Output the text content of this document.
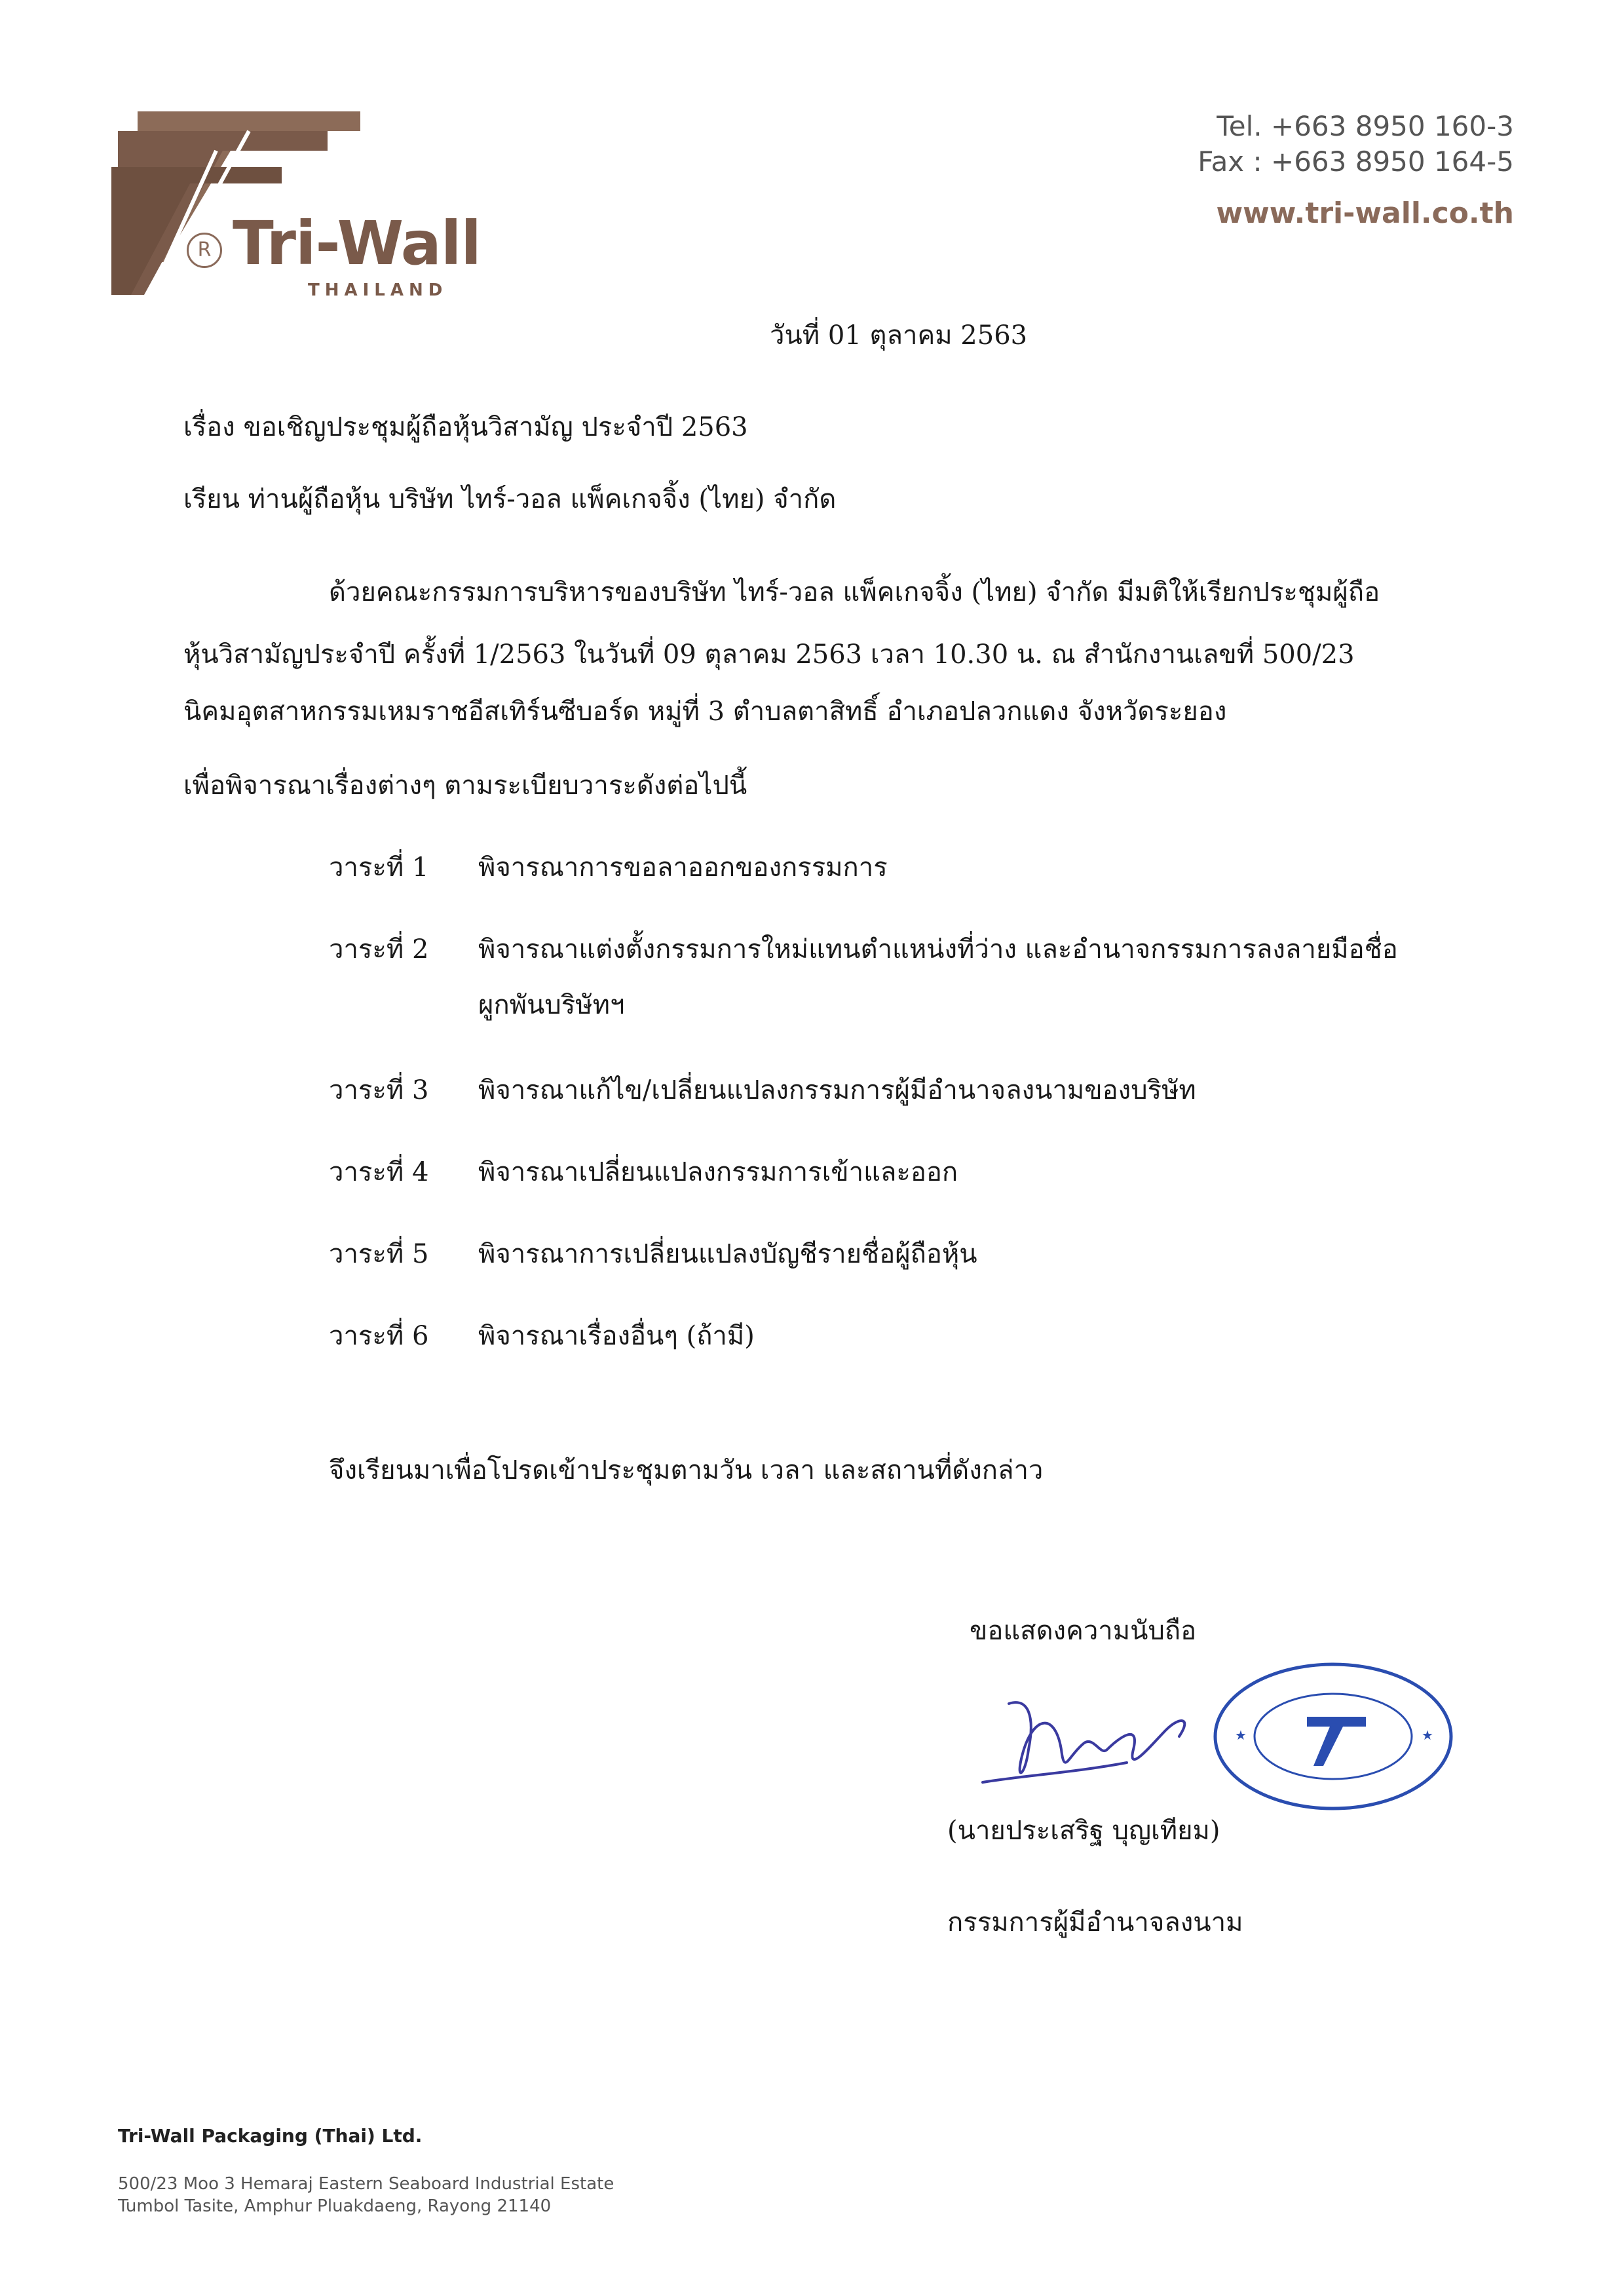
R Tri-Wall
THAILAND
Tel. +663 8950 160-3
Fax : +663 8950 164-5
www.tri-wall.co.th
วันที่ 01 ตุลาคม 2563
เรื่อง ขอเชิญประชุมผู้ถือหุ้นวิสามัญ ประจำปี 2563
เรียน ท่านผู้ถือหุ้น บริษัท ไทร์-วอล แพ็คเกจจิ้ง (ไทย) จำกัด
ด้วยคณะกรรมการบริหารของบริษัท ไทร์-วอล แพ็คเกจจิ้ง (ไทย) จำกัด มีมติให้เรียกประชุมผู้ถือ
หุ้นวิสามัญประจำปี ครั้งที่ 1/2563 ในวันที่ 09 ตุลาคม 2563 เวลา 10.30 น. ณ สำนักงานเลขที่ 500/23
นิคมอุตสาหกรรมเหมราชอีสเทิร์นซีบอร์ด หมู่ที่ 3 ตำบลตาสิทธิ์ อำเภอปลวกแดง จังหวัดระยอง
เพื่อพิจารณาเรื่องต่างๆ ตามระเบียบวาระดังต่อไปนี้
วาระที่ 1 พิจารณาการขอลาออกของกรรมการ
วาระที่ 2 พิจารณาแต่งตั้งกรรมการใหม่แทนตำแหน่งที่ว่าง และอำนาจกรรมการลงลายมือชื่อ
ผูกพันบริษัทฯ
วาระที่ 3 พิจารณาแก้ไข/เปลี่ยนแปลงกรรมการผู้มีอำนาจลงนามของบริษัท
วาระที่ 4 พิจารณาเปลี่ยนแปลงกรรมการเข้าและออก
วาระที่ 5 พิจารณาการเปลี่ยนแปลงบัญชีรายชื่อผู้ถือหุ้น
วาระที่ 6 พิจารณาเรื่องอื่นๆ (ถ้ามี)
จึงเรียนมาเพื่อโปรดเข้าประชุมตามวัน เวลา และสถานที่ดังกล่าว
ขอแสดงความนับถือ
★	★
(นายประเสริฐ บุญเทียม)
กรรมการผู้มีอำนาจลงนาม
Tri-Wall Packaging (Thai) Ltd.
500/23 Moo 3 Hemaraj Eastern Seaboard Industrial Estate
Tumbol Tasite, Amphur Pluakdaeng, Rayong 21140
